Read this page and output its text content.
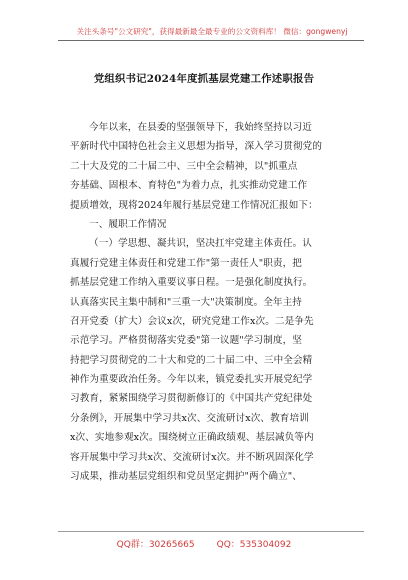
关注头条号"公文研究"，获得最新最全最专业的公文资料库！ 微信：gongwenyj
党组织书记2024年度抓基层党建工作述职报告
今年以来，在县委的坚强领导下，我始终坚持以习近
平新时代中国特色社会主义思想为指导，深入学习贯彻党的
二十大及党的二十届二中、三中全会精神，以"抓重点
夯基础、固根本、育特色"为着力点，扎实推动党建工作
提质增效，现将2024年履行基层党建工作情况汇报如下：
一、履职工作情况
（一）学思想、凝共识，坚决扛牢党建主体责任。认
真履行党建主体责任和党建工作"第一责任人"职责，把
抓基层党建工作纳入重要议事日程。一是强化制度执行。
认真落实民主集中制和"三重一大"决策制度。全年主持
召开党委（扩大）会议x次，研究党建工作x次。二是争先
示范学习。严格贯彻落实党委"第一议题"学习制度，坚
持把学习贯彻党的二十大和党的二十届二中、三中全会精
神作为重要政治任务。今年以来，镇党委扎实开展党纪学
习教育，紧紧围绕学习贯彻新修订的《中国共产党纪律处
分条例》，开展集中学习共x次、交流研讨x次、教育培训
x次、实地参观x次。围绕树立正确政绩观、基层减负等内
容开展集中学习共x次、交流研讨x次。并不断巩固深化学
习成果，推动基层党组织和党员坚定拥护"两个确立"、
QQ群：30265665 QQ：535304092
